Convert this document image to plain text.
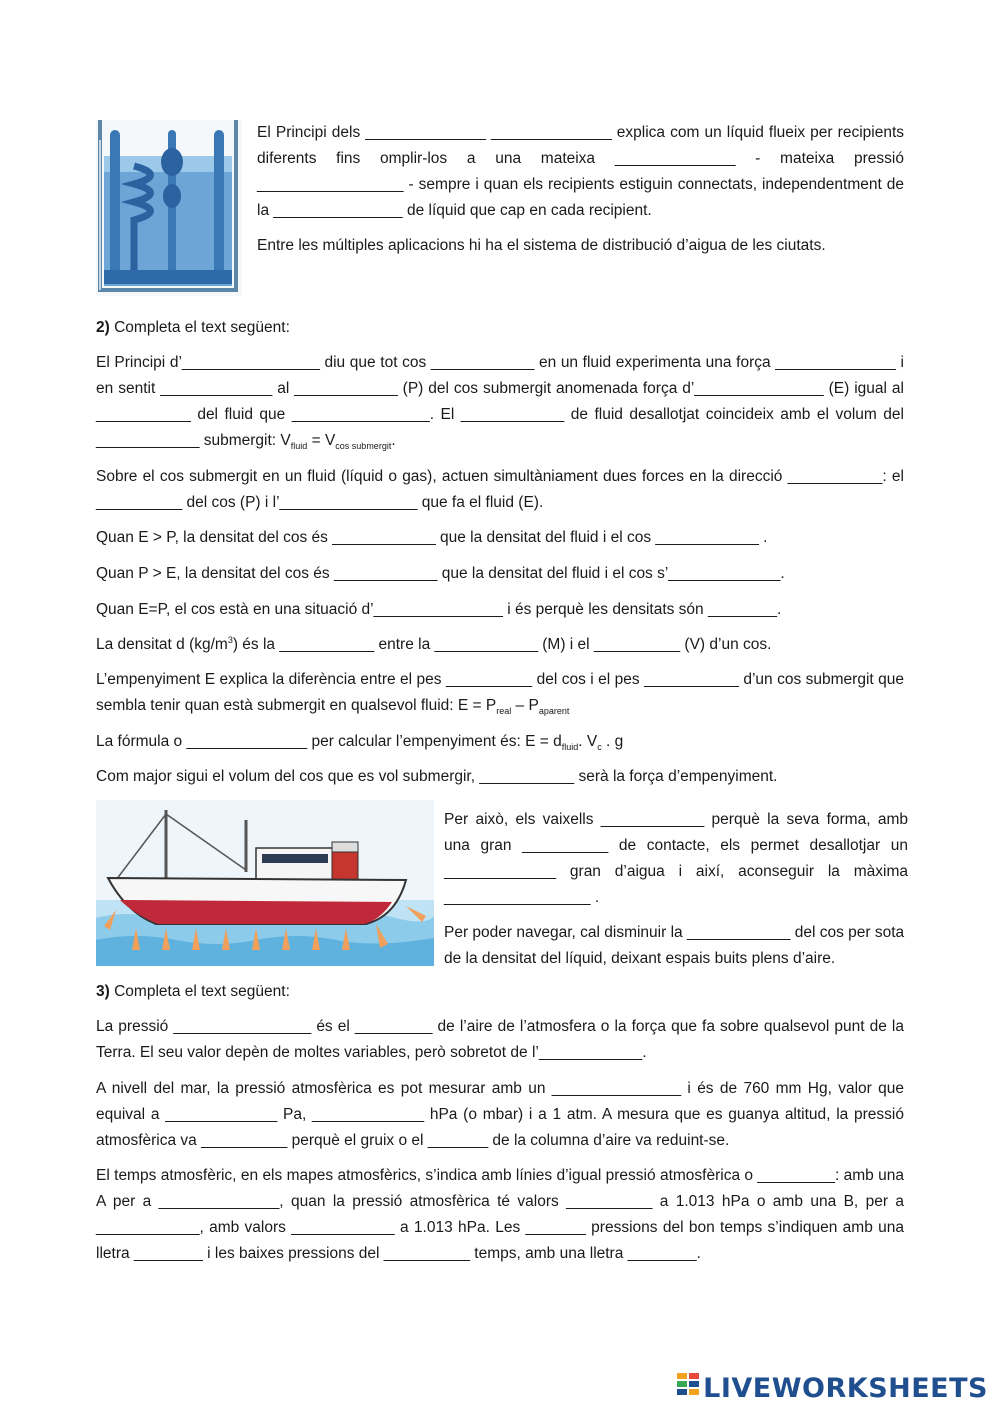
El Principi dels ______________ ______________ explica com un líquid flueix per recipients diferents fins omplir-los a una mateixa ______________ - mateixa pressió _________________ - sempre i quan els recipients estiguin connectats, independentment de la _______________ de líquid que cap en cada recipient.

Entre les múltiples aplicacions hi ha el sistema de distribució d’aigua de les ciutats.

2) Completa el text següent:

El Principi d’________________ diu que tot cos ____________ en un fluid experimenta una força ______________ i en sentit _____________ al ____________ (P) del cos submergit anomenada força d’_______________ (E) igual al ___________ del fluid que ________________. El ____________ de fluid desallotjat coincideix amb el volum del ____________ submergit: $V_{fluid} = V_{cos submergit}$.

Sobre el cos submergit en un fluid (líquid o gas), actuen simultàniament dues forces en la direcció ___________: el __________ del cos (P) i l’________________ que fa el fluid (E).

Quan E > P, la densitat del cos és ____________ que la densitat del fluid i el cos ____________ .

Quan P > E, la densitat del cos és ____________ que la densitat del fluid i el cos s’_____________.

Quan E=P, el cos està en una situació d’_______________ i és perquè les densitats són ________.

La densitat d $(kg/m^3)$ és la ___________ entre la ____________ (M) i el __________ (V) d’un cos.

L’empenyiment E explica la diferència entre el pes __________ del cos i el pes ___________ d’un cos submergit que sembla tenir quan està submergit en qualsevol fluid: $E = P_{real} - P_{aparent}$

La fórmula o ______________ per calcular l’empenyiment és: $E = d_{fluid}$. $V_c$ . g

Com major sigui el volum del cos que es vol submergir, ___________ serà la força d’empenyiment.

Per això, els vaixells ____________ perquè la seva forma, amb una gran __________ de contacte, els permet desallotjar un _____________ gran d’aigua i així, aconseguir la màxima _________________ .

Per poder navegar, cal disminuir la ____________ del cos per sota de la densitat del líquid, deixant espais buits plens d’aire.

3) Completa el text següent:

La pressió ________________ és el _________ de l’aire de l’atmosfera o la força que fa sobre qualsevol punt de la Terra. El seu valor depèn de moltes variables, però sobretot de l’____________.

A nivell del mar, la pressió atmosfèrica es pot mesurar amb un _______________ i és de 760 mm Hg, valor que equival a _____________ Pa, _____________ hPa (o mbar) i a 1 atm. A mesura que es guanya altitud, la pressió atmosfèrica va __________ perquè el gruix o el _______ de la columna d’aire va reduint-se.

El temps atmosfèric, en els mapes atmosfèrics, s’indica amb línies d’igual pressió atmosfèrica o _________: amb una A per a ______________, quan la pressió atmosfèrica té valors __________ a 1.013 hPa o amb una B, per a ____________, amb valors ____________ a 1.013 hPa. Les _______ pressions del bon temps s’indiquen amb una lletra ________ i les baixes pressions del __________ temps, amb una lletra ________.

LIVEWORKSHEETS
